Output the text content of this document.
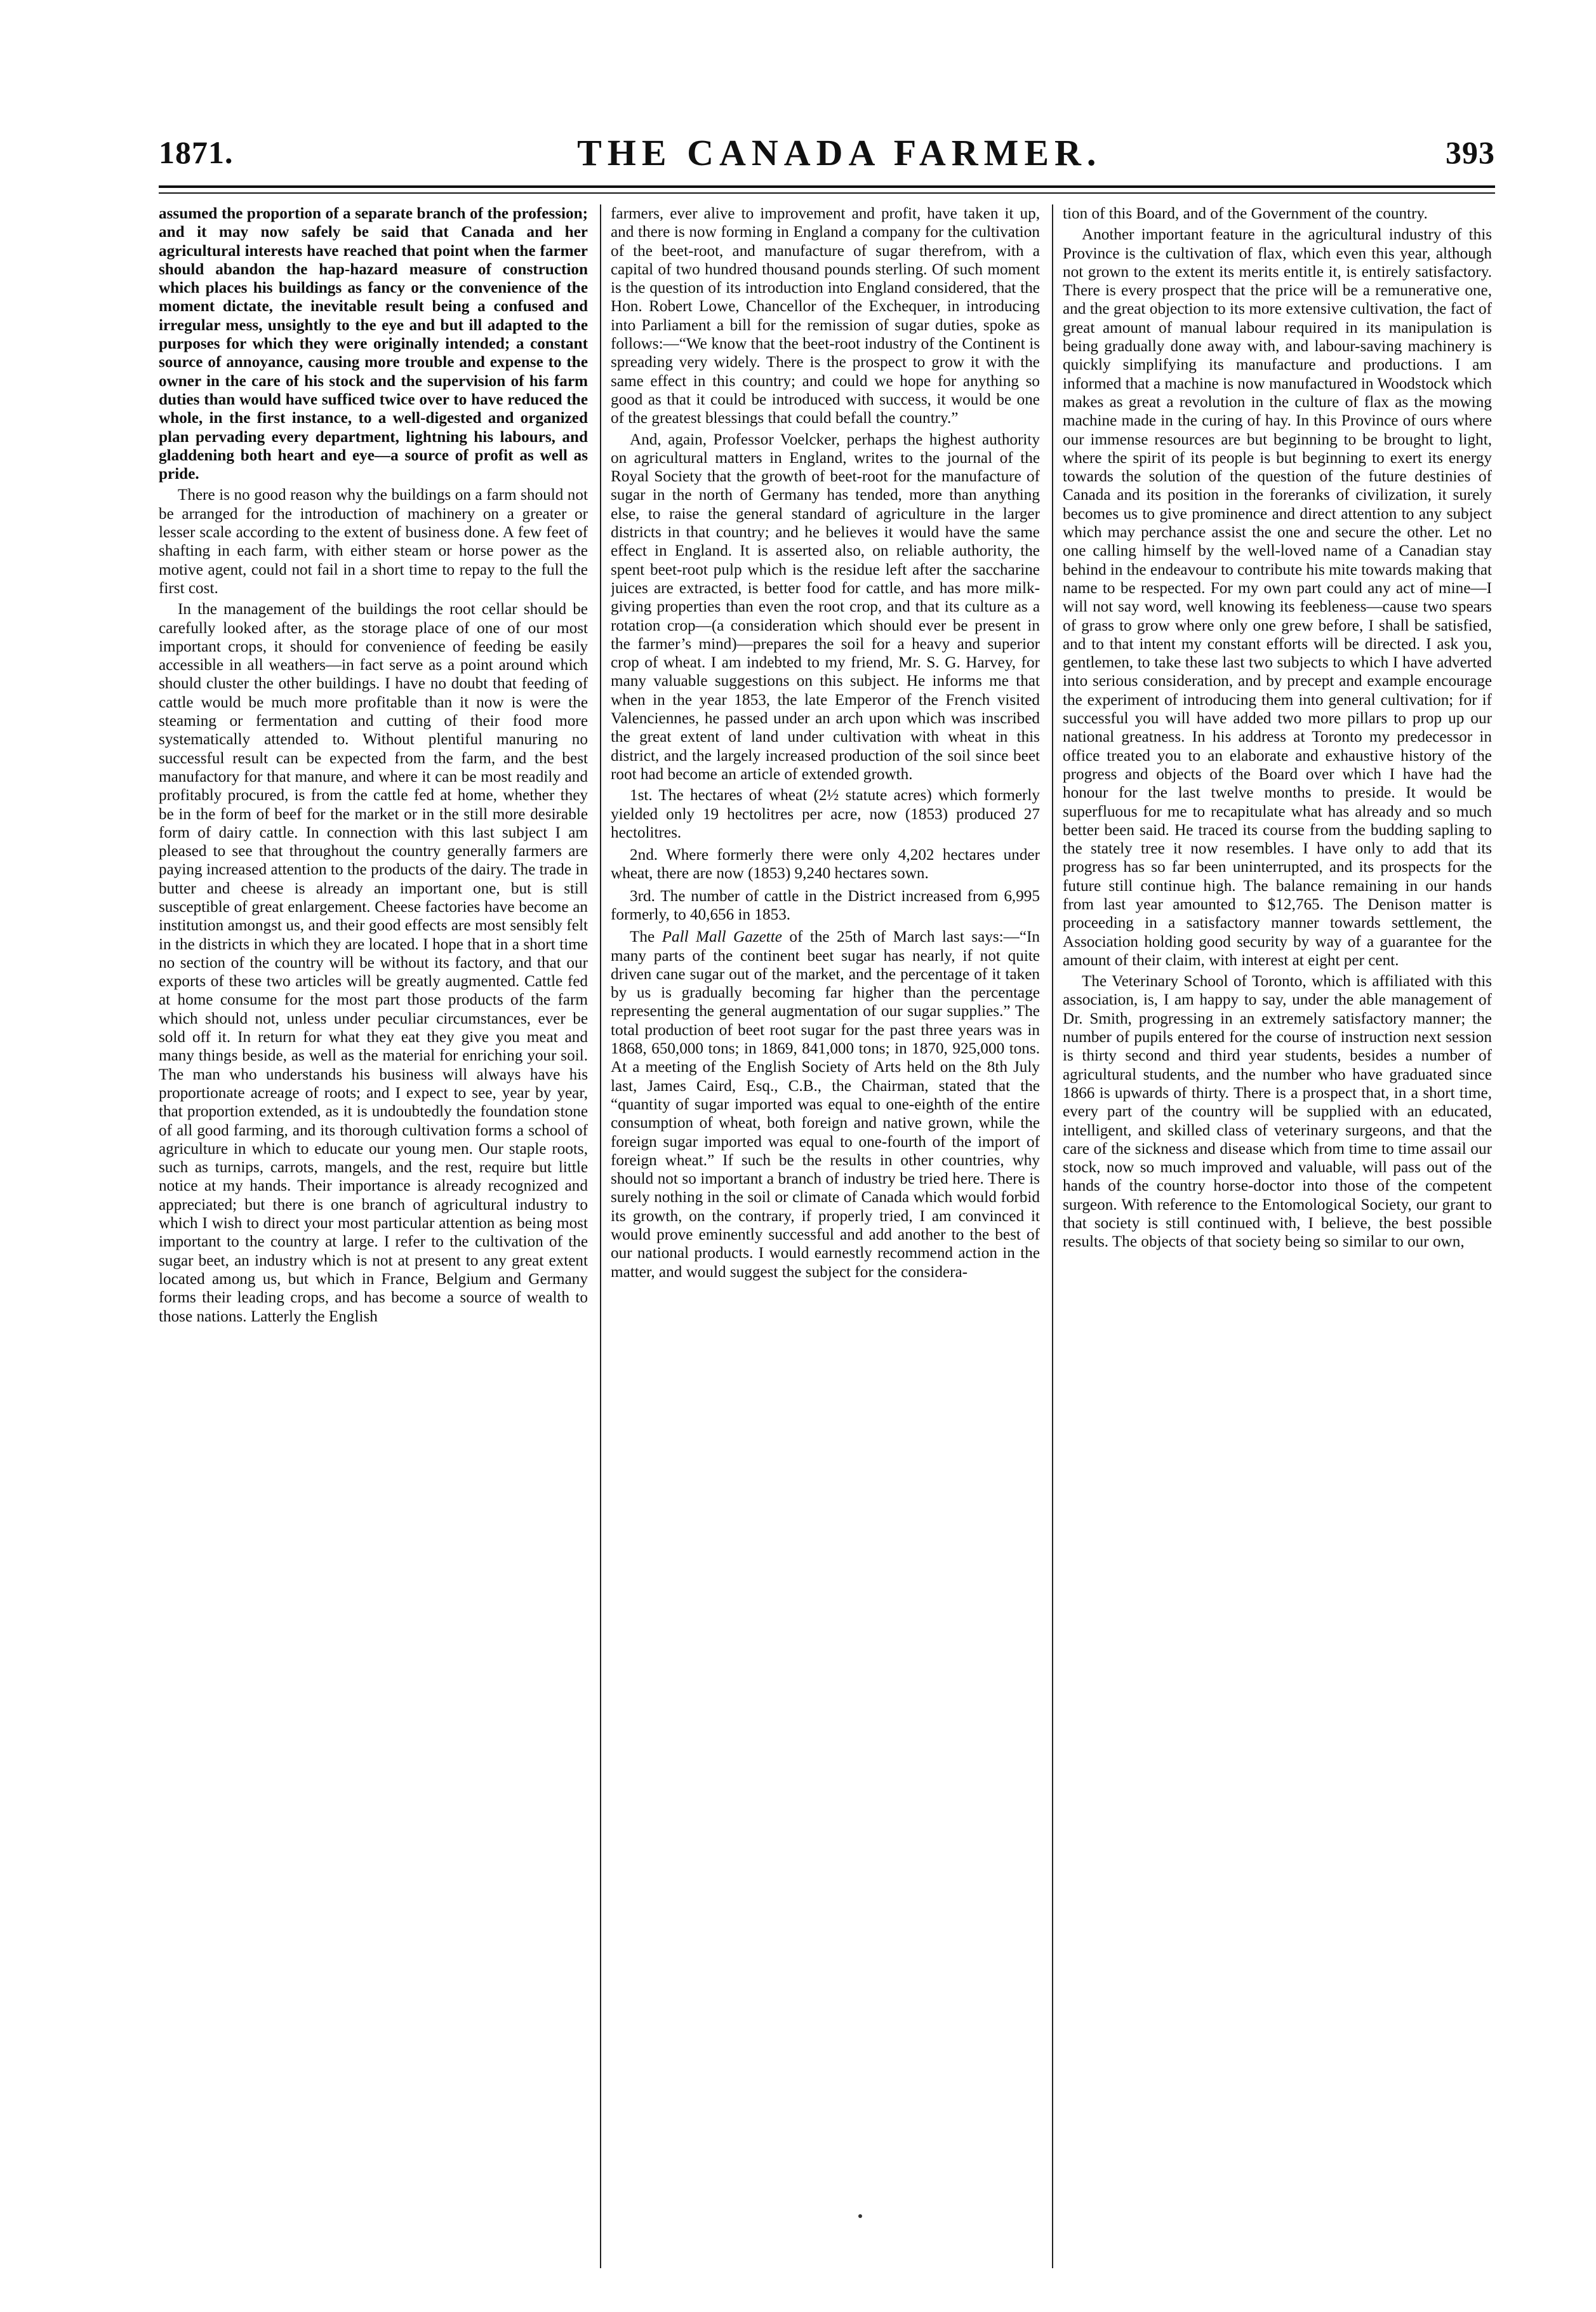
1871.	THE CANADA FARMER.	393

assumed the proportion of a separate branch of the profession; and it may now safely be said that Canada and her agricultural interests have reached that point when the farmer should abandon the hap-hazard measure of construction which places his buildings as fancy or the convenience of the moment dictate, the inevitable result being a confused and irregular mess, unsightly to the eye and but ill adapted to the purposes for which they were originally intended; a constant source of annoyance, causing more trouble and expense to the owner in the care of his stock and the supervision of his farm duties than would have sufficed twice over to have reduced the whole, in the first instance, to a well-digested and organized plan pervading every department, lightning his labours, and gladdening both heart and eye—a source of profit as well as pride.

There is no good reason why the buildings on a farm should not be arranged for the introduction of machinery on a greater or lesser scale according to the extent of business done. A few feet of shafting in each farm, with either steam or horse power as the motive agent, could not fail in a short time to repay to the full the first cost.

In the management of the buildings the root cellar should be carefully looked after, as the storage place of one of our most important crops, it should for convenience of feeding be easily accessible in all weathers—in fact serve as a point around which should cluster the other buildings. I have no doubt that feeding of cattle would be much more profitable than it now is were the steaming or fermentation and cutting of their food more systematically attended to. Without plentiful manuring no successful result can be expected from the farm, and the best manufactory for that manure, and where it can be most readily and profitably procured, is from the cattle fed at home, whether they be in the form of beef for the market or in the still more desirable form of dairy cattle. In connection with this last subject I am pleased to see that throughout the country generally farmers are paying increased attention to the products of the dairy. The trade in butter and cheese is already an important one, but is still susceptible of great enlargement. Cheese factories have become an institution amongst us, and their good effects are most sensibly felt in the districts in which they are located. I hope that in a short time no section of the country will be without its factory, and that our exports of these two articles will be greatly augmented. Cattle fed at home consume for the most part those products of the farm which should not, unless under peculiar circumstances, ever be sold off it. In return for what they eat they give you meat and many things beside, as well as the material for enriching your soil. The man who understands his business will always have his proportionate acreage of roots; and I expect to see, year by year, that proportion extended, as it is undoubtedly the foundation stone of all good farming, and its thorough cultivation forms a school of agriculture in which to educate our young men. Our staple roots, such as turnips, carrots, mangels, and the rest, require but little notice at my hands. Their importance is already recognized and appreciated; but there is one branch of agricultural industry to which I wish to direct your most particular attention as being most important to the country at large. I refer to the cultivation of the sugar beet, an industry which is not at present to any great extent located among us, but which in France, Belgium and Germany forms their leading crops, and has become a source of wealth to those nations. Latterly the English

farmers, ever alive to improvement and profit, have taken it up, and there is now forming in England a company for the cultivation of the beet-root, and manufacture of sugar therefrom, with a capital of two hundred thousand pounds sterling. Of such moment is the question of its introduction into England considered, that the Hon. Robert Lowe, Chancellor of the Exchequer, in introducing into Parliament a bill for the remission of sugar duties, spoke as follows:—“We know that the beet-root industry of the Continent is spreading very widely. There is the prospect to grow it with the same effect in this country; and could we hope for anything so good as that it could be introduced with success, it would be one of the greatest blessings that could befall the country.”

And, again, Professor Voelcker, perhaps the highest authority on agricultural matters in England, writes to the journal of the Royal Society that the growth of beet-root for the manufacture of sugar in the north of Germany has tended, more than anything else, to raise the general standard of agriculture in the larger districts in that country; and he believes it would have the same effect in England. It is asserted also, on reliable authority, the spent beet-root pulp which is the residue left after the saccharine juices are extracted, is better food for cattle, and has more milk-giving properties than even the root crop, and that its culture as a rotation crop—(a consideration which should ever be present in the farmer’s mind)—prepares the soil for a heavy and superior crop of wheat. I am indebted to my friend, Mr. S. G. Harvey, for many valuable suggestions on this subject. He informs me that when in the year 1853, the late Emperor of the French visited Valenciennes, he passed under an arch upon which was inscribed the great extent of land under cultivation with wheat in this district, and the largely increased production of the soil since beet root had become an article of extended growth.

1st. The hectares of wheat (2½ statute acres) which formerly yielded only 19 hectolitres per acre, now (1853) produced 27 hectolitres.

2nd. Where formerly there were only 4,202 hectares under wheat, there are now (1853) 9,240 hectares sown.

3rd. The number of cattle in the District increased from 6,995 formerly, to 40,656 in 1853.

The Pall Mall Gazette of the 25th of March last says:—“In many parts of the continent beet sugar has nearly, if not quite driven cane sugar out of the market, and the percentage of it taken by us is gradually becoming far higher than the percentage representing the general augmentation of our sugar supplies.” The total production of beet root sugar for the past three years was in 1868, 650,000 tons; in 1869, 841,000 tons; in 1870, 925,000 tons. At a meeting of the English Society of Arts held on the 8th July last, James Caird, Esq., C.B., the Chairman, stated that the “quantity of sugar imported was equal to one-eighth of the entire consumption of wheat, both foreign and native grown, while the foreign sugar imported was equal to one-fourth of the import of foreign wheat.” If such be the results in other countries, why should not so important a branch of industry be tried here. There is surely nothing in the soil or climate of Canada which would forbid its growth, on the contrary, if properly tried, I am convinced it would prove eminently successful and add another to the best of our national products. I would earnestly recommend action in the matter, and would suggest the subject for the considera-

tion of this Board, and of the Government of the country.

Another important feature in the agricultural industry of this Province is the cultivation of flax, which even this year, although not grown to the extent its merits entitle it, is entirely satisfactory. There is every prospect that the price will be a remunerative one, and the great objection to its more extensive cultivation, the fact of great amount of manual labour required in its manipulation is being gradually done away with, and labour-saving machinery is quickly simplifying its manufacture and productions. I am informed that a machine is now manufactured in Woodstock which makes as great a revolution in the culture of flax as the mowing machine made in the curing of hay. In this Province of ours where our immense resources are but beginning to be brought to light, where the spirit of its people is but beginning to exert its energy towards the solution of the question of the future destinies of Canada and its position in the foreranks of civilization, it surely becomes us to give prominence and direct attention to any subject which may perchance assist the one and secure the other. Let no one calling himself by the well-loved name of a Canadian stay behind in the endeavour to contribute his mite towards making that name to be respected. For my own part could any act of mine—I will not say word, well knowing its feebleness—cause two spears of grass to grow where only one grew before, I shall be satisfied, and to that intent my constant efforts will be directed. I ask you, gentlemen, to take these last two subjects to which I have adverted into serious consideration, and by precept and example encourage the experiment of introducing them into general cultivation; for if successful you will have added two more pillars to prop up our national greatness. In his address at Toronto my predecessor in office treated you to an elaborate and exhaustive history of the progress and objects of the Board over which I have had the honour for the last twelve months to preside. It would be superfluous for me to recapitulate what has already and so much better been said. He traced its course from the budding sapling to the stately tree it now resembles. I have only to add that its progress has so far been uninterrupted, and its prospects for the future still continue high. The balance remaining in our hands from last year amounted to $12,765. The Denison matter is proceeding in a satisfactory manner towards settlement, the Association holding good security by way of a guarantee for the amount of their claim, with interest at eight per cent.

The Veterinary School of Toronto, which is affiliated with this association, is, I am happy to say, under the able management of Dr. Smith, progressing in an extremely satisfactory manner; the number of pupils entered for the course of instruction next session is thirty second and third year students, besides a number of agricultural students, and the number who have graduated since 1866 is upwards of thirty. There is a prospect that, in a short time, every part of the country will be supplied with an educated, intelligent, and skilled class of veterinary surgeons, and that the care of the sickness and disease which from time to time assail our stock, now so much improved and valuable, will pass out of the hands of the country horse-doctor into those of the competent surgeon. With reference to the Entomological Society, our grant to that society is still continued with, I believe, the best possible results. The objects of that society being so similar to our own,
